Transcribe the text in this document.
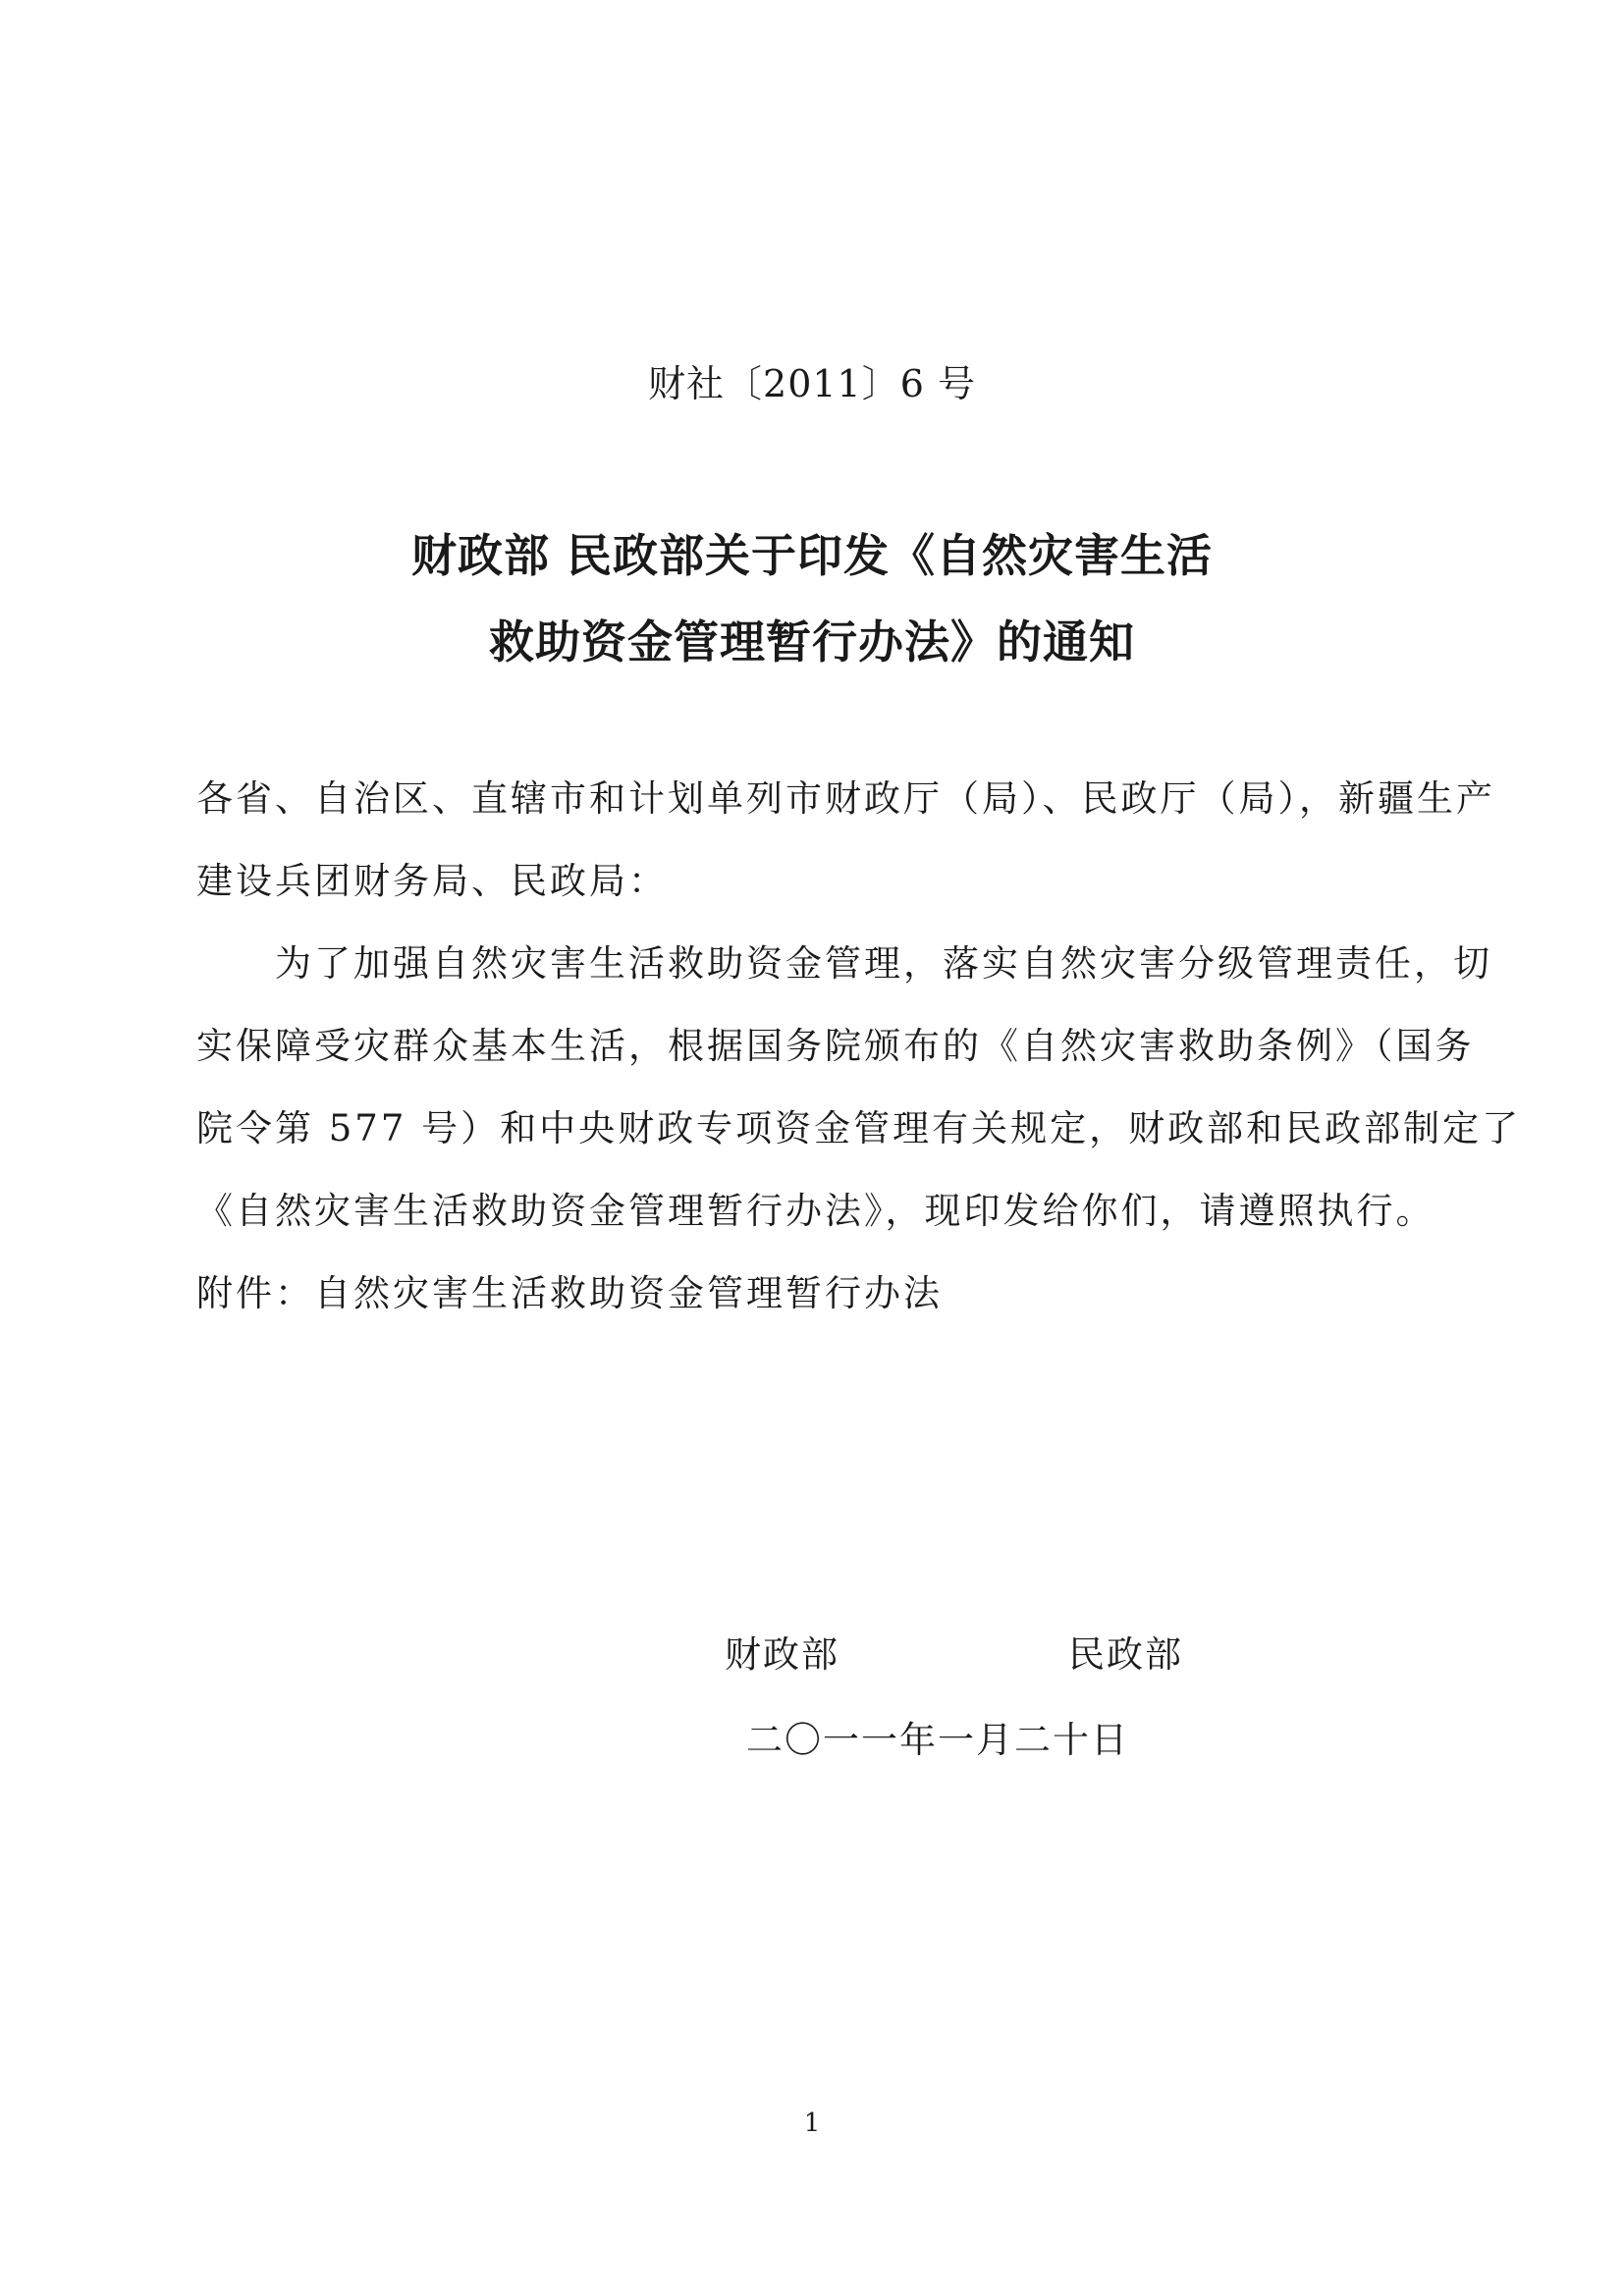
财社〔2011〕6 号
财政部 民政部关于印发《自然灾害生活
救助资金管理暂行办法》的通知
各省、自治区、直辖市和计划单列市财政厅（局）、民政厅（局），新疆生产
建设兵团财务局、民政局：
为了加强自然灾害生活救助资金管理，落实自然灾害分级管理责任，切
实保障受灾群众基本生活，根据国务院颁布的《自然灾害救助条例》（国务
院令第 577 号）和中央财政专项资金管理有关规定，财政部和民政部制定了
《自然灾害生活救助资金管理暂行办法》，现印发给你们，请遵照执行。
附件：自然灾害生活救助资金管理暂行办法
财政部	民政部
二〇一一年一月二十日
1
